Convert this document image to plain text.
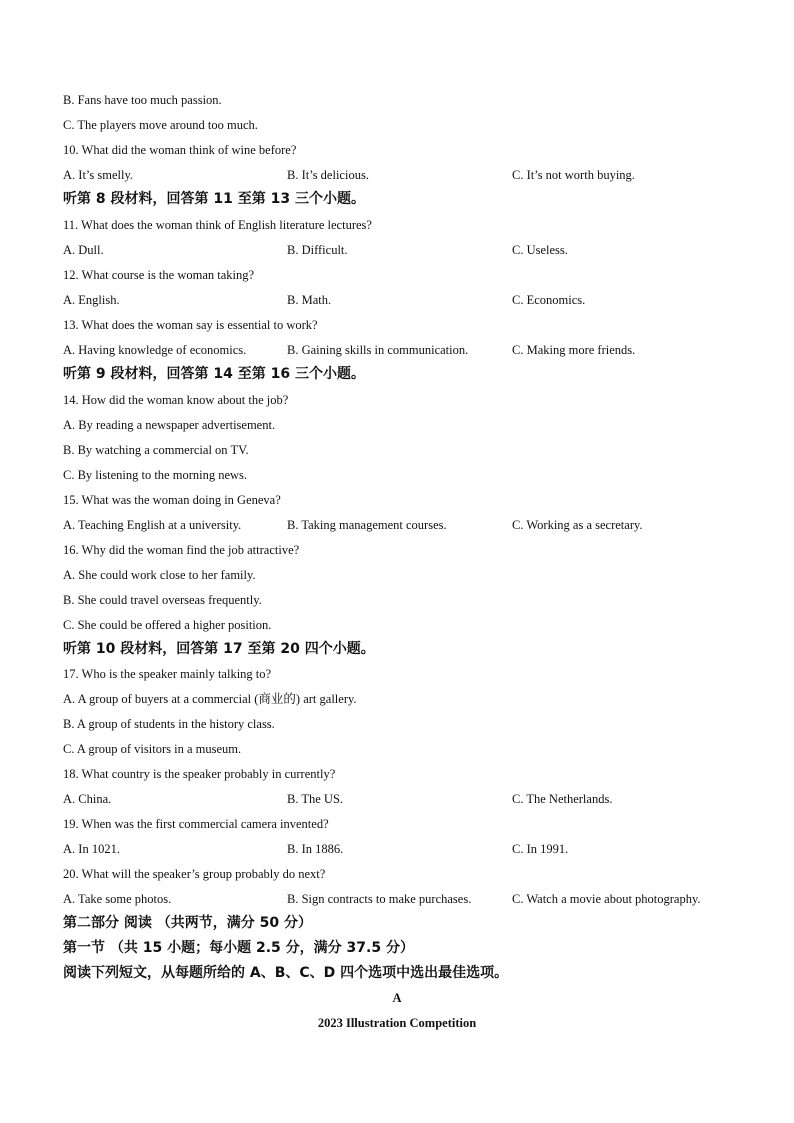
B. Fans have too much passion.
C. The players move around too much.
10. What did the woman think of wine before?
A. It’s smelly.	B. It’s delicious.	C. It’s not worth buying.
听第 8 段材料，回答第 11 至第 13 三个小题。
11. What does the woman think of English literature lectures?
A. Dull.	B. Difficult.	C. Useless.
12. What course is the woman taking?
A. English.	B. Math.	C. Economics.
13. What does the woman say is essential to work?
A. Having knowledge of economics.	B. Gaining skills in communication.	C. Making more friends.
听第 9 段材料，回答第 14 至第 16 三个小题。
14. How did the woman know about the job?
A. By reading a newspaper advertisement.
B. By watching a commercial on TV.
C. By listening to the morning news.
15. What was the woman doing in Geneva?
A. Teaching English at a university.	B. Taking management courses.	C. Working as a secretary.
16. Why did the woman find the job attractive?
A. She could work close to her family.
B. She could travel overseas frequently.
C. She could be offered a higher position.
听第 10 段材料，回答第 17 至第 20 四个小题。
17. Who is the speaker mainly talking to?
A. A group of buyers at a commercial (商业的) art gallery.
B. A group of students in the history class.
C. A group of visitors in a museum.
18. What country is the speaker probably in currently?
A. China.	B. The US.	C. The Netherlands.
19. When was the first commercial camera invented?
A. In 1021.	B. In 1886.	C. In 1991.
20. What will the speaker’s group probably do next?
A. Take some photos.	B. Sign contracts to make purchases.	C. Watch a movie about photography.
第二部分 阅读 （共两节，满分 50 分）
第一节 （共 15 小题；每小题 2.5 分，满分 37.5 分）
阅读下列短文，从每题所给的 A、B、C、D 四个选项中选出最佳选项。
A
2023 Illustration Competition
